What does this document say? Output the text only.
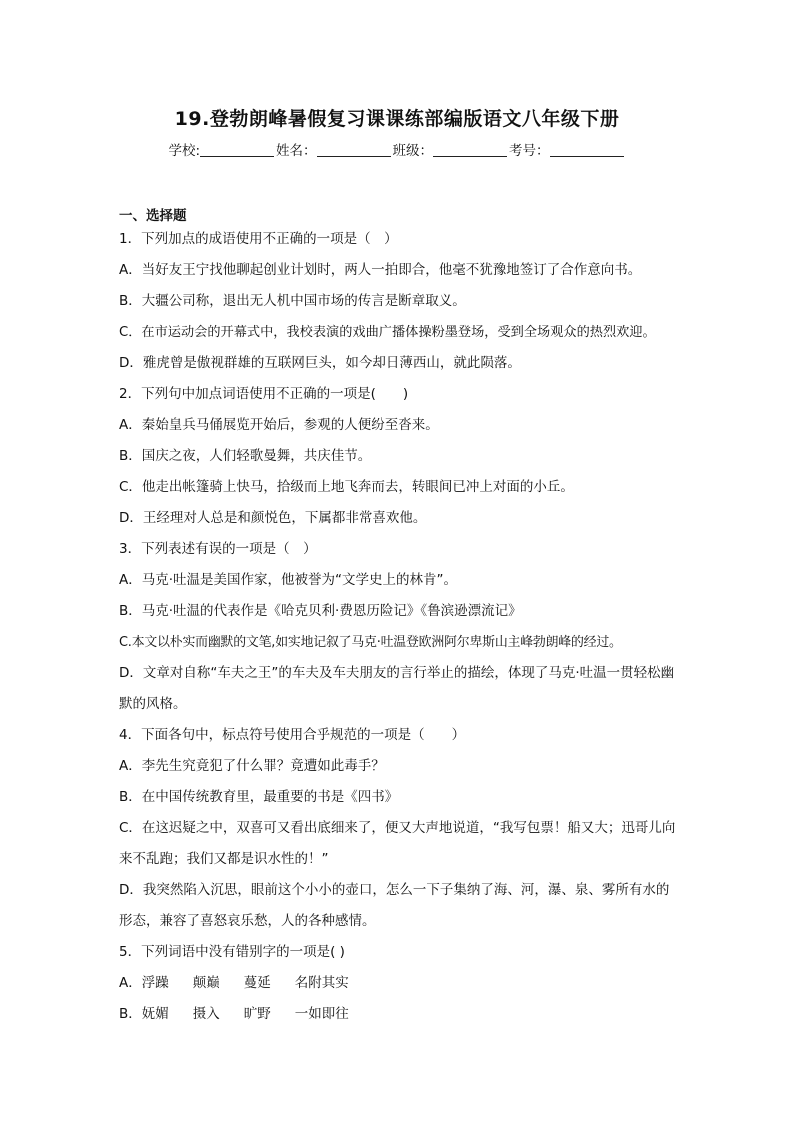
19.登勃朗峰暑假复习课课练部编版语文八年级下册
学校:	姓名：	班级：	考号：
一、选择题
1．下列加点的成语使用不正确的一项是（　）
A．当好友王宁找他聊起创业计划时，两人一拍即合，他毫不犹豫地签订了合作意向书。
B．大疆公司称，退出无人机中国市场的传言是断章取义。
C．在市运动会的开幕式中，我校表演的戏曲广播体操粉墨登场，受到全场观众的热烈欢迎。
D．雅虎曾是傲视群雄的互联网巨头，如今却日薄西山，就此陨落。
2．下列句中加点词语使用不正确的一项是(　　)
A．秦始皇兵马俑展览开始后，参观的人便纷至沓来。
B．国庆之夜，人们轻歌曼舞，共庆佳节。
C．他走出帐篷骑上快马，拾级而上地飞奔而去，转眼间已冲上对面的小丘。
D．王经理对人总是和颜悦色，下属都非常喜欢他。
3．下列表述有误的一项是（　）
A．马克·吐温是美国作家，他被誉为“文学史上的林肯”。
B．马克·吐温的代表作是《哈克贝利·费恩历险记》《鲁滨逊漂流记》
C.本文以朴实而幽默的文笔,如实地记叙了马克·吐温登欧洲阿尔卑斯山主峰勃朗峰的经过。
D．文章对自称“车夫之王”的车夫及车夫朋友的言行举止的描绘，体现了马克·吐温一贯轻松幽默的风格。
4．下面各句中，标点符号使用合乎规范的一项是（　　）
A．李先生究竟犯了什么罪？竟遭如此毒手？
B．在中国传统教育里，最重要的书是《四书》
C．在这迟疑之中，双喜可又看出底细来了，便又大声地说道，“我写包票！船又大；迅哥儿向来不乱跑；我们又都是识水性的！”
D．我突然陷入沉思，眼前这个小小的壶口，怎么一下子集纳了海、河，瀑、泉、雾所有水的形态，兼容了喜怒哀乐愁，人的各种感情。
5．下列词语中没有错别字的一项是( )
A．浮躁 颠巅 蔓延 名附其实
B．妩媚 摄入 旷野 一如即往
